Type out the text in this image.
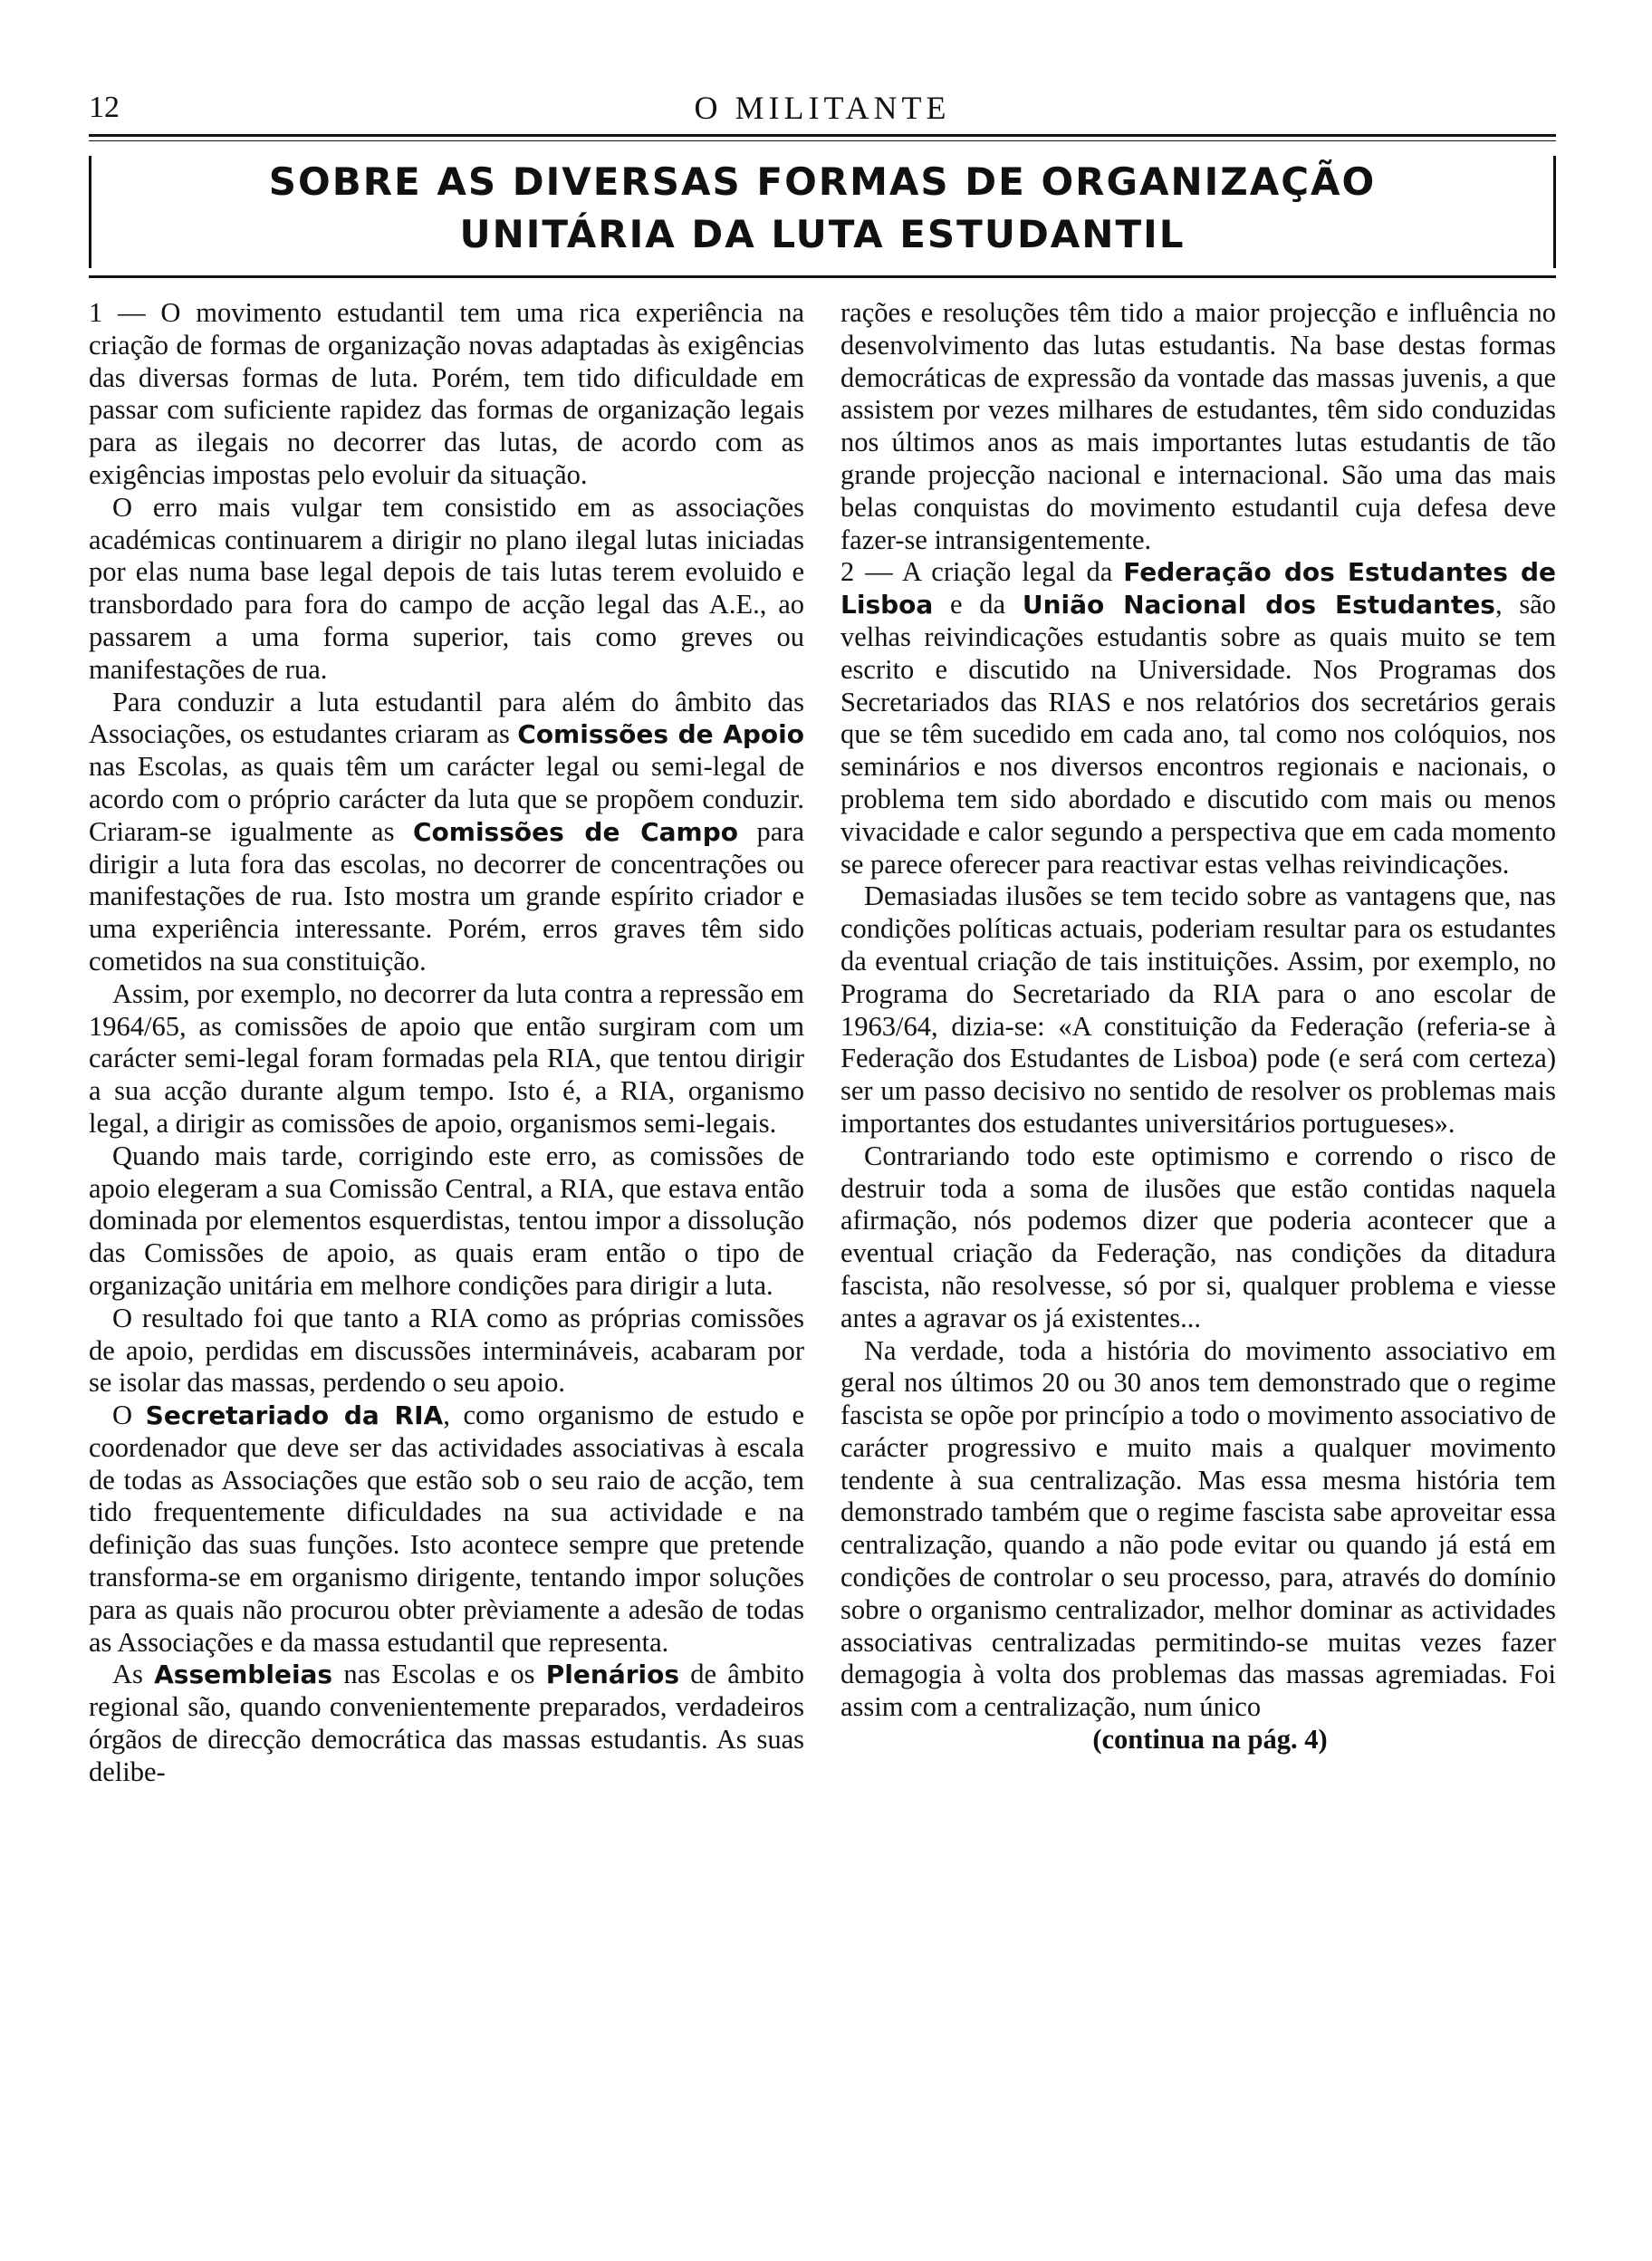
12	O MILITANTE
SOBRE AS DIVERSAS FORMAS DE ORGANIZAÇÃO
UNITÁRIA DA LUTA ESTUDANTIL

1 — O movimento estudantil tem uma rica experiência na criação de formas de organização novas adaptadas às exigências das diversas formas de luta. Porém, tem tido dificuldade em passar com suficiente rapidez das formas de organização legais para as ilegais no decorrer das lutas, de acordo com as exigências impostas pelo evoluir da situação.

O erro mais vulgar tem consistido em as associações académicas continuarem a dirigir no plano ilegal lutas iniciadas por elas numa base legal depois de tais lutas terem evoluido e transbordado para fora do campo de acção legal das A.E., ao passarem a uma forma superior, tais como greves ou manifestações de rua.

Para conduzir a luta estudantil para além do âmbito das Associações, os estudantes criaram as Comissões de Apoio nas Escolas, as quais têm um carácter legal ou semi-legal de acordo com o próprio carácter da luta que se propõem conduzir. Criaram-se igualmente as Comissões de Campo para dirigir a luta fora das escolas, no decorrer de concentrações ou manifestações de rua. Isto mostra um grande espírito criador e uma experiência interessante. Porém, erros graves têm sido cometidos na sua constituição.

Assim, por exemplo, no decorrer da luta contra a repressão em 1964/65, as comissões de apoio que então surgiram com um carácter semi-legal foram formadas pela RIA, que tentou dirigir a sua acção durante algum tempo. Isto é, a RIA, organismo legal, a dirigir as comissões de apoio, organismos semi-legais.

Quando mais tarde, corrigindo este erro, as comissões de apoio elegeram a sua Comissão Central, a RIA, que estava então dominada por elementos esquerdistas, tentou impor a dissolução das Comissões de apoio, as quais eram então o tipo de organização unitária em melhore condições para dirigir a luta.

O resultado foi que tanto a RIA como as próprias comissões de apoio, perdidas em discussões intermináveis, acabaram por se isolar das massas, perdendo o seu apoio.

O Secretariado da RIA, como organismo de estudo e coordenador que deve ser das actividades associativas à escala de todas as Associações que estão sob o seu raio de acção, tem tido frequentemente dificuldades na sua actividade e na definição das suas funções. Isto acontece sempre que pretende transforma-se em organismo dirigente, tentando impor soluções para as quais não procurou obter prèviamente a adesão de todas as Associações e da massa estudantil que representa.

As Assembleias nas Escolas e os Plenários de âmbito regional são, quando convenientemente preparados, verdadeiros órgãos de direcção democrática das massas estudantis. As suas delibe-

rações e resoluções têm tido a maior projecção e influência no desenvolvimento das lutas estudantis. Na base destas formas democráticas de expressão da vontade das massas juvenis, a que assistem por vezes milhares de estudantes, têm sido conduzidas nos últimos anos as mais importantes lutas estudantis de tão grande projecção nacional e internacional. São uma das mais belas conquistas do movimento estudantil cuja defesa deve fazer-se intransigentemente.

2 — A criação legal da Federação dos Estudantes de Lisboa e da União Nacional dos Estudantes, são velhas reivindicações estudantis sobre as quais muito se tem escrito e discutido na Universidade. Nos Programas dos Secretariados das RIAS e nos relatórios dos secretários gerais que se têm sucedido em cada ano, tal como nos colóquios, nos seminários e nos diversos encontros regionais e nacionais, o problema tem sido abordado e discutido com mais ou menos vivacidade e calor segundo a perspectiva que em cada momento se parece oferecer para reactivar estas velhas reivindicações.

Demasiadas ilusões se tem tecido sobre as vantagens que, nas condições políticas actuais, poderiam resultar para os estudantes da eventual criação de tais instituições. Assim, por exemplo, no Programa do Secretariado da RIA para o ano escolar de 1963/64, dizia-se: «A constituição da Federação (referia-se à Federação dos Estudantes de Lisboa) pode (e será com certeza) ser um passo decisivo no sentido de resolver os problemas mais importantes dos estudantes universitários portugueses».

Contrariando todo este optimismo e correndo o risco de destruir toda a soma de ilusões que estão contidas naquela afirmação, nós podemos dizer que poderia acontecer que a eventual criação da Federação, nas condições da ditadura fascista, não resolvesse, só por si, qualquer problema e viesse antes a agravar os já existentes...

Na verdade, toda a história do movimento associativo em geral nos últimos 20 ou 30 anos tem demonstrado que o regime fascista se opõe por princípio a todo o movimento associativo de carácter progressivo e muito mais a qualquer movimento tendente à sua centralização. Mas essa mesma história tem demonstrado também que o regime fascista sabe aproveitar essa centralização, quando a não pode evitar ou quando já está em condições de controlar o seu processo, para, através do domínio sobre o organismo centralizador, melhor dominar as actividades associativas centralizadas permitindo-se muitas vezes fazer demagogia à volta dos problemas das massas agremiadas. Foi assim com a centralização, num único

(continua na pág. 4)
